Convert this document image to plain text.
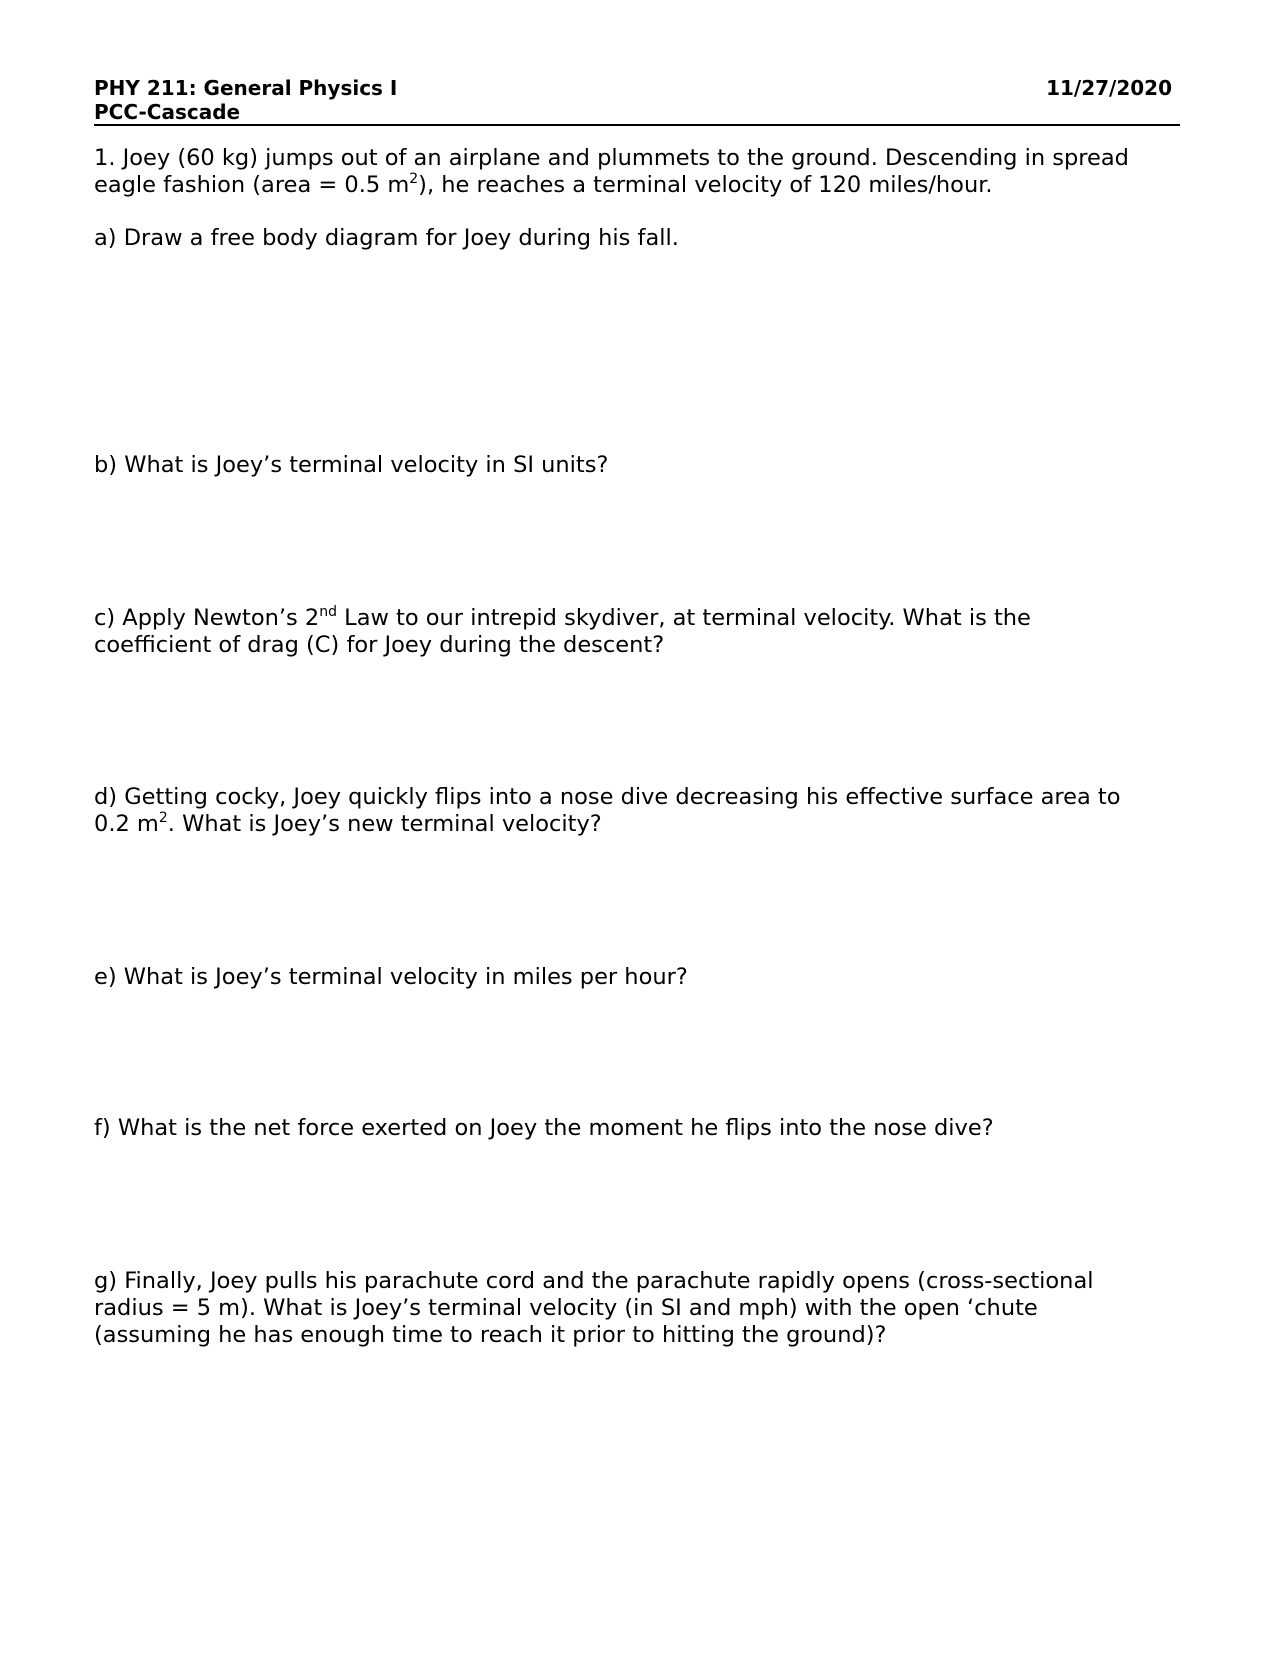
PHY 211: General Physics I
PCC-Cascade
11/27/2020
1. Joey (60 kg) jumps out of an airplane and plummets to the ground. Descending in spread
eagle fashion (area = 0.5 $m^2$), he reaches a terminal velocity of 120 miles/hour.
a) Draw a free body diagram for Joey during his fall.
b) What is Joey’s terminal velocity in SI units?
c) Apply Newton’s 2nd Law to our intrepid skydiver, at terminal velocity. What is the
coefficient of drag (C) for Joey during the descent?
d) Getting cocky, Joey quickly flips into a nose dive decreasing his effective surface area to
0.2 $m^2$. What is Joey’s new terminal velocity?
e) What is Joey’s terminal velocity in miles per hour?
f) What is the net force exerted on Joey the moment he flips into the nose dive?
g) Finally, Joey pulls his parachute cord and the parachute rapidly opens (cross-sectional
radius = 5 m). What is Joey’s terminal velocity (in SI and mph) with the open ‘chute
(assuming he has enough time to reach it prior to hitting the ground)?
